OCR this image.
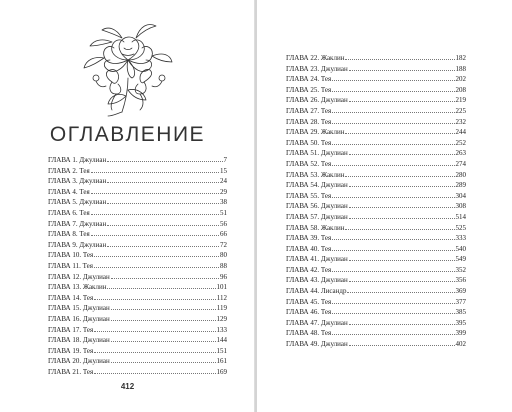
ОГЛАВЛЕНИЕ
ГЛАВА 1. Джулиан	7
ГЛАВА 2. Тея	15
ГЛАВА 3. Джулиан	24
ГЛАВА 4. Тея	29
ГЛАВА 5. Джулиан	38
ГЛАВА 6. Тея	51
ГЛАВА 7. Джулиан	56
ГЛАВА 8. Тея	66
ГЛАВА 9. Джулиан	72
ГЛАВА 10. Тея	80
ГЛАВА 11. Тея	88
ГЛАВА 12. Джулиан	96
ГЛАВА 13. Жаклин	101
ГЛАВА 14. Тея	112
ГЛАВА 15. Джулиан	119
ГЛАВА 16. Джулиан	129
ГЛАВА 17. Тея	133
ГЛАВА 18. Джулиан	144
ГЛАВА 19. Тея	151
ГЛАВА 20. Джулиан	161
ГЛАВА 21. Тея	169
412
ГЛАВА 22. Жаклин	182
ГЛАВА 23. Джулиан	188
ГЛАВА 24. Тея	202
ГЛАВА 25. Тея	208
ГЛАВА 26. Джулиан	219
ГЛАВА 27. Тея	225
ГЛАВА 28. Тея	232
ГЛАВА 29. Жаклин	244
ГЛАВА 50. Тея	252
ГЛАВА 51. Джулиан	263
ГЛАВА 52. Тея	274
ГЛАВА 53. Жаклин	280
ГЛАВА 54. Джулиан	289
ГЛАВА 55. Тея	304
ГЛАВА 56. Джулиан	308
ГЛАВА 57. Джулиан	514
ГЛАВА 58. Жаклин	525
ГЛАВА 39. Тея	333
ГЛАВА 40. Тея	540
ГЛАВА 41. Джулиан	549
ГЛАВА 42. Тея	352
ГЛАВА 43. Джулиан	356
ГЛАВА 44. Лисандр	369
ГЛАВА 45. Тея	377
ГЛАВА 46. Тея	385
ГЛАВА 47. Джулиан	395
ГЛАВА 48. Тея	399
ГЛАВА 49. Джулиан	402
